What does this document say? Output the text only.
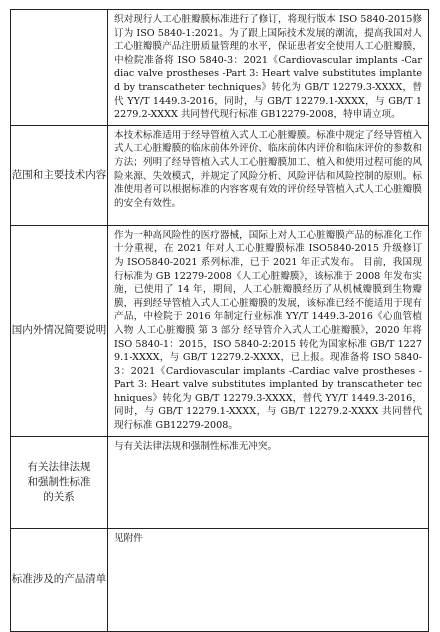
	织对现行人工心脏瓣膜标准进行了修订，将现行版本 ISO 5840-2015修订为 ISO 5840-1:2021。为了跟上国际技术发展的潮流，提高我国对人工心脏瓣膜产品注册质量管理的水平，保证患者安全使用人工心脏瓣膜，中检院准备将 ISO 5840-3：2021《Cardiovascular implants -Cardiac valve prostheses -Part 3: Heart valve substitutes implanted by transcatheter techniques》转化为 GB/T 12279.3-XXXX，替代 YY/T 1449.3-2016，同时，与 GB/T 12279.1-XXXX，与 GB/T 12279.2-XXXX 共同替代现行标准 GB12279-2008，特申请立项。

范围和主要技术内容	本技术标准适用于经导管植入式人工心脏瓣膜。标准中规定了经导管植入式人工心脏瓣膜的临床前体外评价、临床前体内评价和临床评价的参数和方法；列明了经导管植入式人工心脏瓣膜加工、植入和使用过程可能的风险来源、失效模式，并规定了风险分析、风险评估和风险控制的原则。标准使用者可以根据标准的内容客观有效的评价经导管植入式人工心脏瓣膜的安全有效性。

国内外情况简要说明	作为一种高风险性的医疗器械，国际上对人工心脏瓣膜产品的标准化工作十分重视，在 2021 年对人工心脏瓣膜标准 ISO5840-2015 升级修订为 ISO5840-2021 系列标准，已于 2021 年正式发布。 目前，我国现行标准为 GB 12279-2008《人工心脏瓣膜》，该标准于 2008 年发布实施，已使用了 14 年，期间，人工心脏瓣膜经历了从机械瓣膜到生物瓣膜，再到经导管植入式人工心脏瓣膜的发展，该标准已经不能适用于现有产品，中检院于 2016 年制定行业标准 YY/T 1449.3-2016《心血管植入物 人工心脏瓣膜 第 3 部分 经导管介入式人工心脏瓣膜》，2020 年将 ISO 5840-1：2015，ISO 5840-2:2015 转化为国家标准 GB/T 12279.1-XXXX，与 GB/T 12279.2-XXXX，已上报。现准备将 ISO 5840-3：2021《Cardiovascular implants -Cardiac valve prostheses -Part 3: Heart valve substitutes implanted by transcatheter techniques》转化为 GB/T 12279.3-XXXX，替代 YY/T 1449.3-2016，同时，与 GB/T 12279.1-XXXX，与 GB/T 12279.2-XXXX 共同替代现行标准 GB12279-2008。

有关法律法规和强制性标准的关系	与有关法律法规和强制性标准无冲突。

标准涉及的产品清单	见附件
